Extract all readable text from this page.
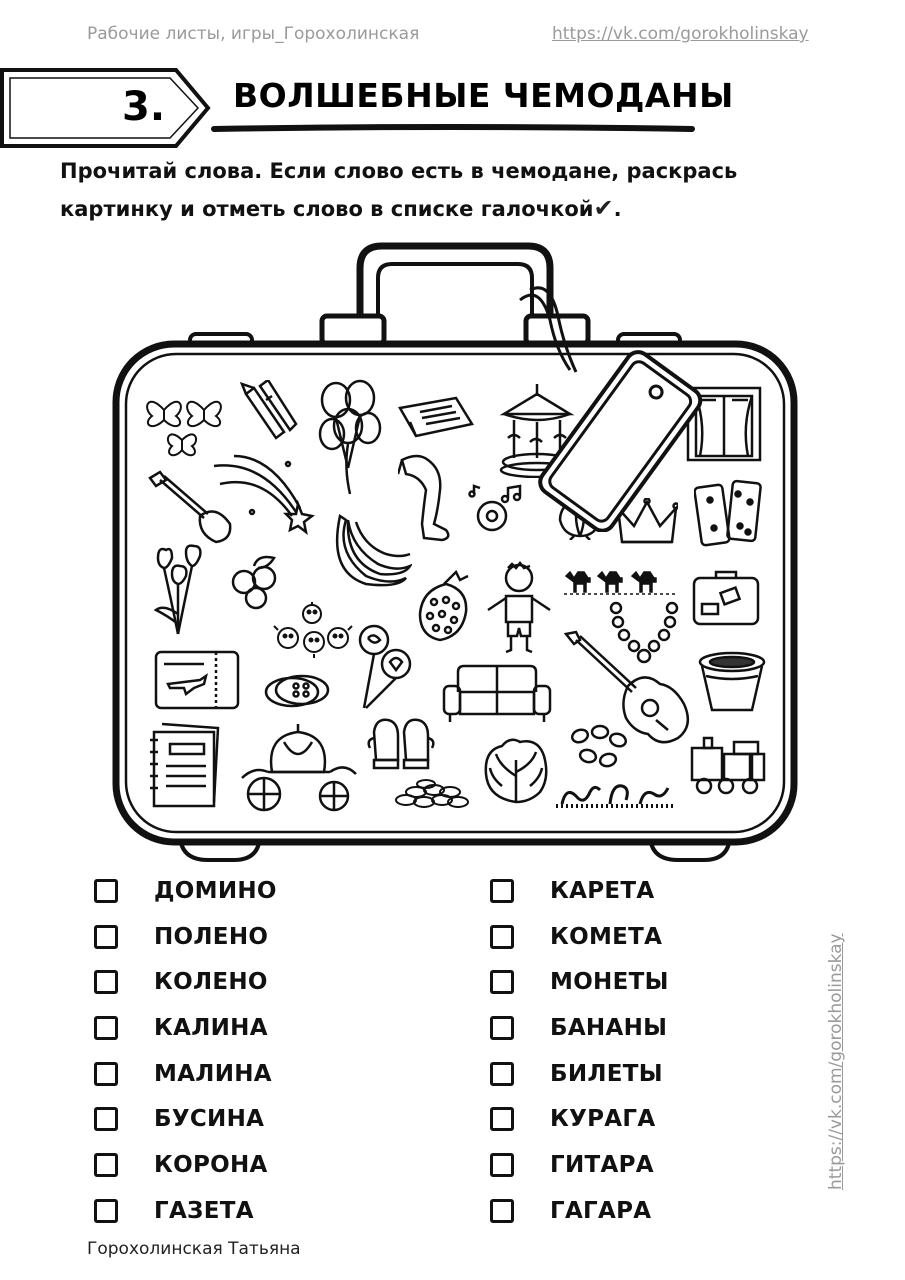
Рабочие листы, игры_Горохолинская	https://vk.com/gorokholinskay
3. ВОЛШЕБНЫЕ ЧЕМОДАНЫ
Прочитай слова. Если слово есть в чемодане, раскрась картинку и отметь слово в списке галочкой✔.
ДОМИНО
ПОЛЕНО
КОЛЕНО
КАЛИНА
МАЛИНА
БУСИНА
КОРОНА
ГАЗЕТА
КАРЕТА
КОМЕТА
МОНЕТЫ
БАНАНЫ
БИЛЕТЫ
КУРАГА
ГИТАРА
ГАГАРА
https://vk.com/gorokholinskay
Горохолинская Татьяна
